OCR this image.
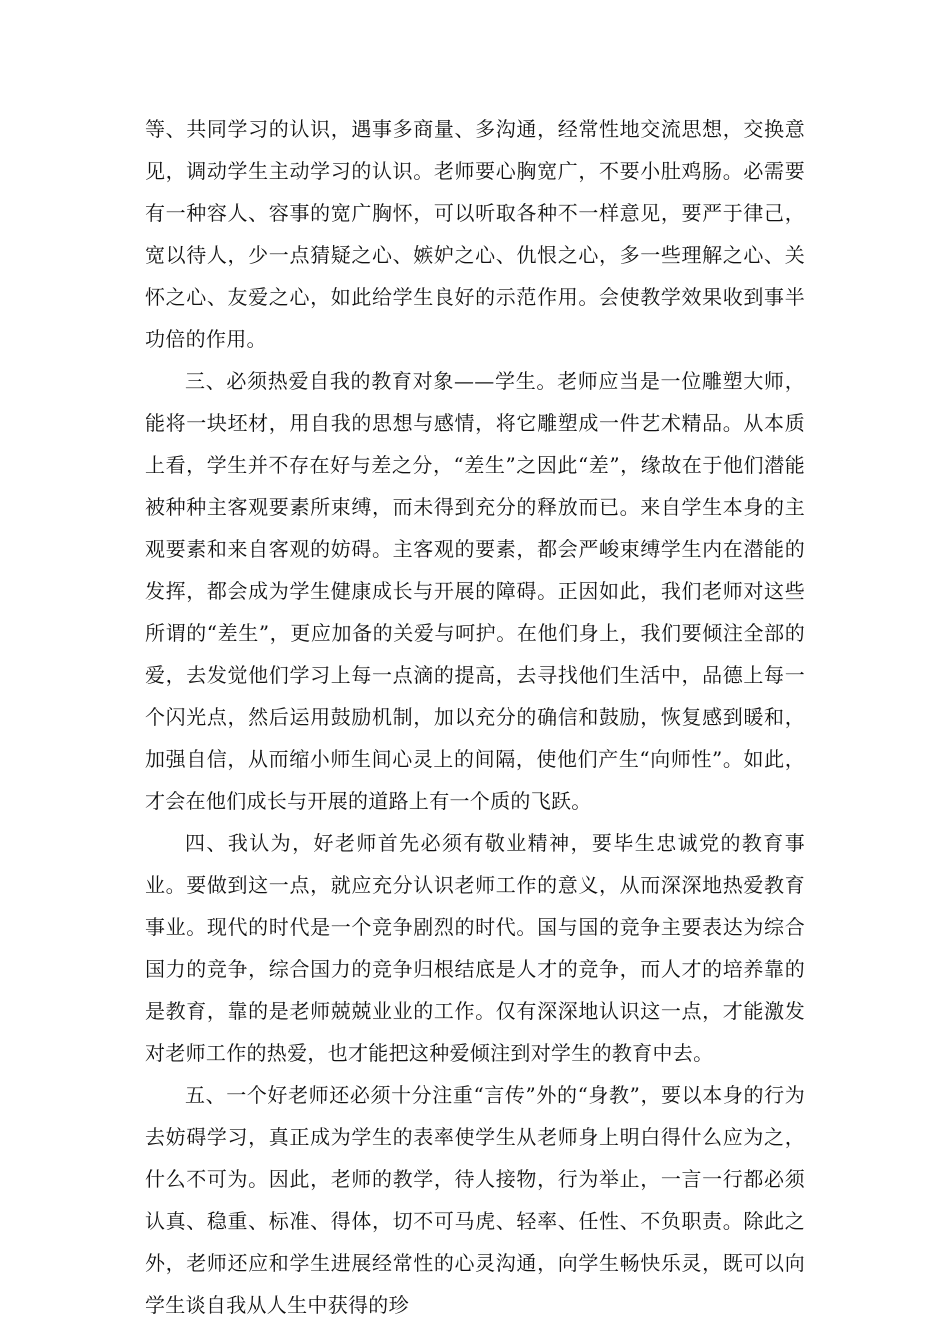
等、共同学习的认识，遇事多商量、多沟通，经常性地交流思想，交换意见，调动学生主动学习的认识。老师要心胸宽广，不要小肚鸡肠。必需要有一种容人、容事的宽广胸怀，可以听取各种不一样意见，要严于律己，宽以待人，少一点猜疑之心、嫉妒之心、仇恨之心，多一些理解之心、关怀之心、友爱之心，如此给学生良好的示范作用。会使教学效果收到事半功倍的作用。

三、必须热爱自我的教育对象——学生。老师应当是一位雕塑大师，能将一块坯材，用自我的思想与感情，将它雕塑成一件艺术精品。从本质上看，学生并不存在好与差之分，“差生”之因此“差”，缘故在于他们潜能被种种主客观要素所束缚，而未得到充分的释放而已。来自学生本身的主观要素和来自客观的妨碍。主客观的要素，都会严峻束缚学生内在潜能的发挥，都会成为学生健康成长与开展的障碍。正因如此，我们老师对这些所谓的“差生”，更应加备的关爱与呵护。在他们身上，我们要倾注全部的爱，去发觉他们学习上每一点滴的提高，去寻找他们生活中，品德上每一个闪光点，然后运用鼓励机制，加以充分的确信和鼓励，恢复感到暖和，加强自信，从而缩小师生间心灵上的间隔，使他们产生“向师性”。如此，才会在他们成长与开展的道路上有一个质的飞跃。

四、我认为，好老师首先必须有敬业精神，要毕生忠诚党的教育事业。要做到这一点，就应充分认识老师工作的意义，从而深深地热爱教育事业。现代的时代是一个竞争剧烈的时代。国与国的竞争主要表达为综合国力的竞争，综合国力的竞争归根结底是人才的竞争，而人才的培养靠的是教育，靠的是老师兢兢业业的工作。仅有深深地认识这一点，才能激发对老师工作的热爱，也才能把这种爱倾注到对学生的教育中去。

五、一个好老师还必须十分注重“言传”外的“身教”，要以本身的行为去妨碍学习，真正成为学生的表率使学生从老师身上明白得什么应为之，什么不可为。因此，老师的教学，待人接物，行为举止，一言一行都必须认真、稳重、标准、得体，切不可马虎、轻率、任性、不负职责。除此之外，老师还应和学生进展经常性的心灵沟通，向学生畅快乐灵，既可以向学生谈自我从人生中获得的珍
